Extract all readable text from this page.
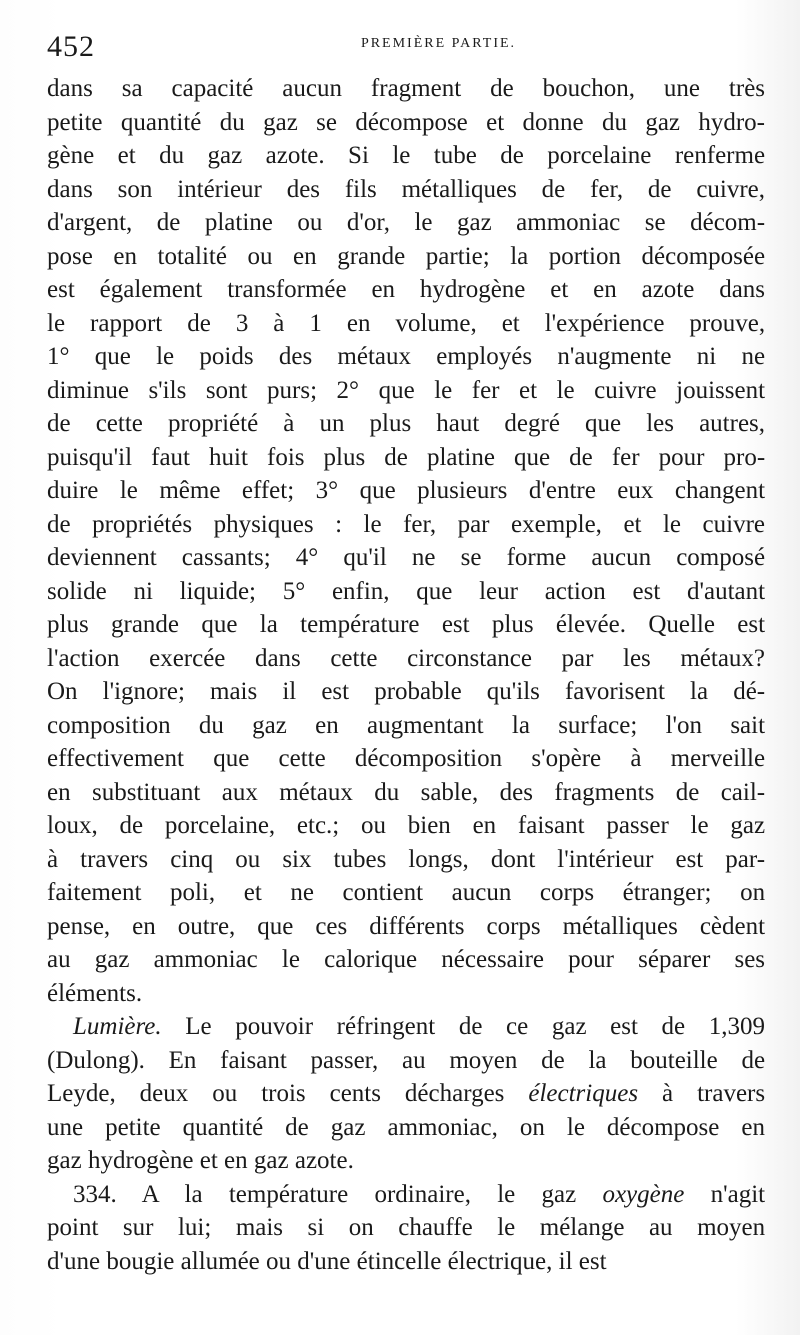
452	PREMIÈRE PARTIE.
dans sa capacité aucun fragment de bouchon, une très
petite quantité du gaz se décompose et donne du gaz hydro-
gène et du gaz azote. Si le tube de porcelaine renferme
dans son intérieur des fils métalliques de fer, de cuivre,
d'argent, de platine ou d'or, le gaz ammoniac se décom-
pose en totalité ou en grande partie; la portion décomposée
est également transformée en hydrogène et en azote dans
le rapport de 3 à 1 en volume, et l'expérience prouve,
1° que le poids des métaux employés n'augmente ni ne
diminue s'ils sont purs; 2° que le fer et le cuivre jouissent
de cette propriété à un plus haut degré que les autres,
puisqu'il faut huit fois plus de platine que de fer pour pro-
duire le même effet; 3° que plusieurs d'entre eux changent
de propriétés physiques : le fer, par exemple, et le cuivre
deviennent cassants; 4° qu'il ne se forme aucun composé
solide ni liquide; 5° enfin, que leur action est d'autant
plus grande que la température est plus élevée. Quelle est
l'action exercée dans cette circonstance par les métaux?
On l'ignore; mais il est probable qu'ils favorisent la dé-
composition du gaz en augmentant la surface; l'on sait
effectivement que cette décomposition s'opère à merveille
en substituant aux métaux du sable, des fragments de cail-
loux, de porcelaine, etc.; ou bien en faisant passer le gaz
à travers cinq ou six tubes longs, dont l'intérieur est par-
faitement poli, et ne contient aucun corps étranger; on
pense, en outre, que ces différents corps métalliques cèdent
au gaz ammoniac le calorique nécessaire pour séparer ses
éléments.
Lumière. Le pouvoir réfringent de ce gaz est de 1,309
(Dulong). En faisant passer, au moyen de la bouteille de
Leyde, deux ou trois cents décharges électriques à travers
une petite quantité de gaz ammoniac, on le décompose en
gaz hydrogène et en gaz azote.
334. A la température ordinaire, le gaz oxygène n'agit
point sur lui; mais si on chauffe le mélange au moyen
d'une bougie allumée ou d'une étincelle électrique, il est
